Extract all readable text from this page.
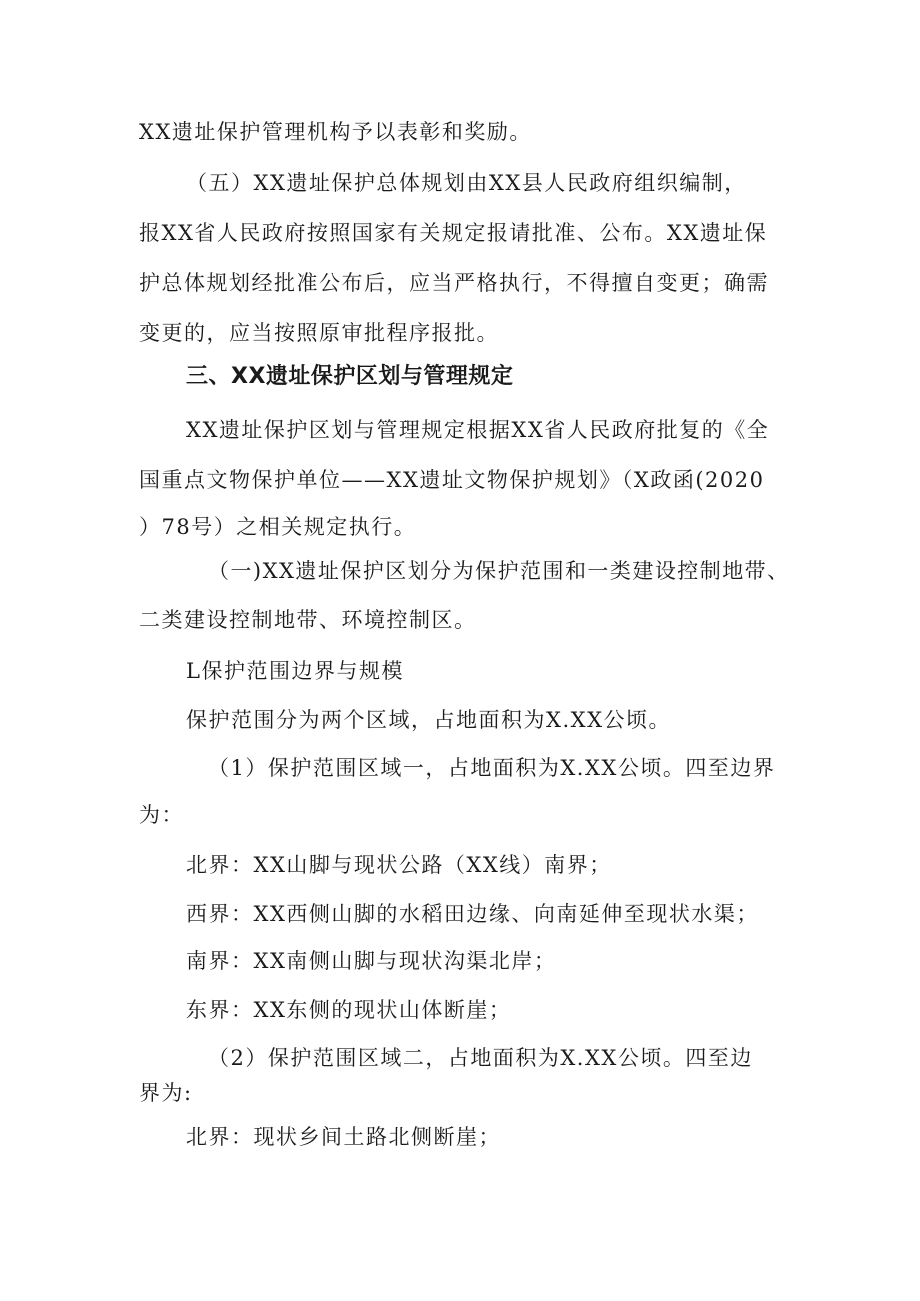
XX遗址保护管理机构予以表彰和奖励。
（五）XX遗址保护总体规划由XX县人民政府组织编制，
报XX省人民政府按照国家有关规定报请批准、公布。XX遗址保
护总体规划经批准公布后，应当严格执行，不得擅自变更；确需
变更的，应当按照原审批程序报批。
三、XX遗址保护区划与管理规定
XX遗址保护区划与管理规定根据XX省人民政府批复的《全
国重点文物保护单位——XX遗址文物保护规划》（X政函(2020
）78号）之相关规定执行。
（一)XX遗址保护区划分为保护范围和一类建设控制地带、
二类建设控制地带、环境控制区。
L保护范围边界与规模
保护范围分为两个区域，占地面积为X.XX公顷。
（1）保护范围区域一，占地面积为X.XX公顷。四至边界
为：
北界：XX山脚与现状公路（XX线）南界；
西界：XX西侧山脚的水稻田边缘、向南延伸至现状水渠；
南界：XX南侧山脚与现状沟渠北岸；
东界：XX东侧的现状山体断崖；
（2）保护范围区域二，占地面积为X.XX公顷。四至边
界为:
北界：现状乡间土路北侧断崖；
